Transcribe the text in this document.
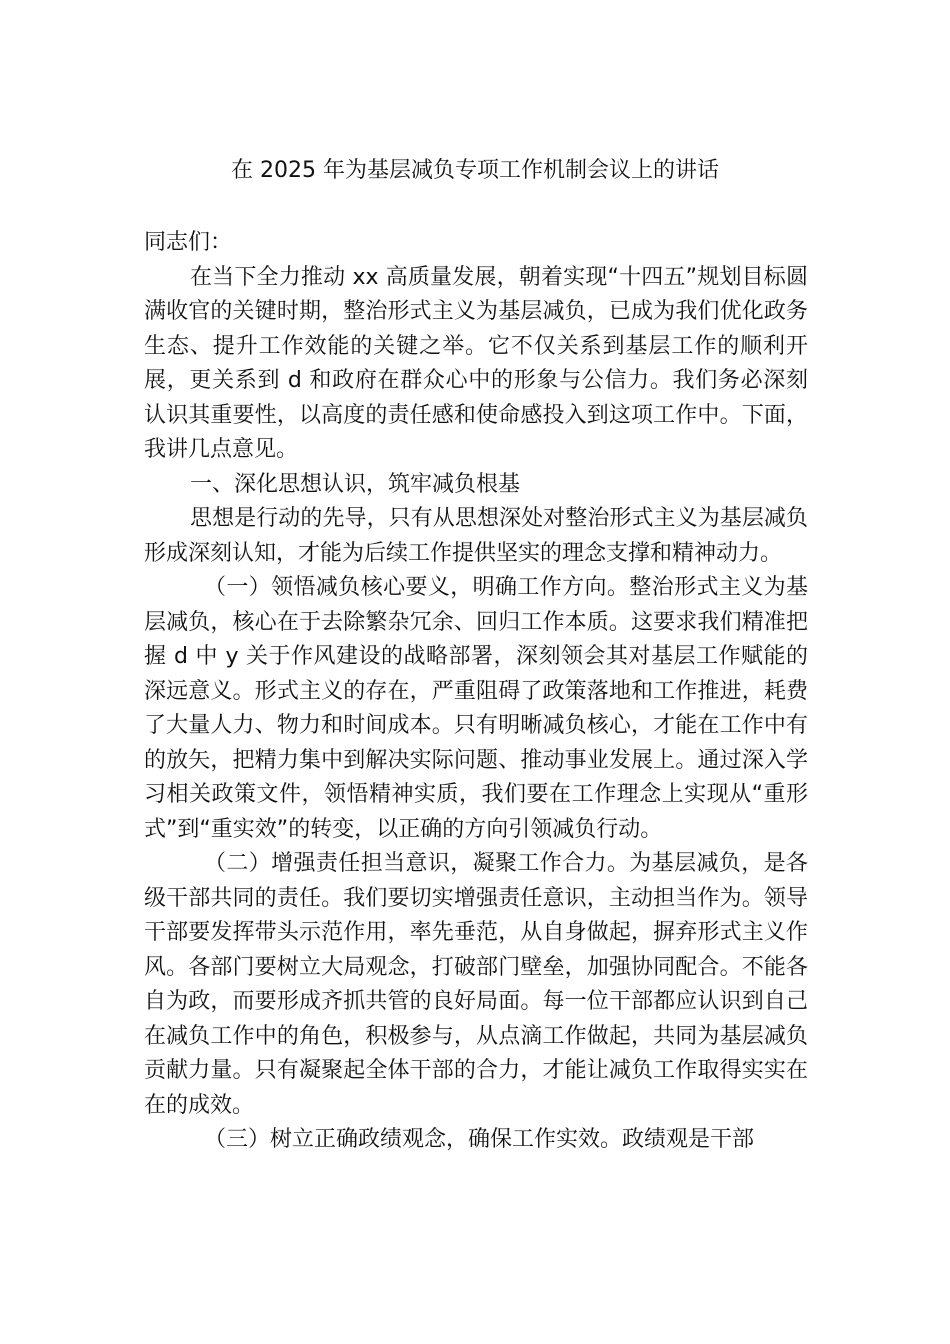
在 2025 年为基层减负专项工作机制会议上的讲话

同志们：

在当下全力推动 xx 高质量发展，朝着实现“十四五”规划目标圆满收官的关键时期，整治形式主义为基层减负，已成为我们优化政务生态、提升工作效能的关键之举。它不仅关系到基层工作的顺利开展，更关系到 d 和政府在群众心中的形象与公信力。我们务必深刻认识其重要性，以高度的责任感和使命感投入到这项工作中。下面，我讲几点意见。

一、深化思想认识，筑牢减负根基

思想是行动的先导，只有从思想深处对整治形式主义为基层减负形成深刻认知，才能为后续工作提供坚实的理念支撑和精神动力。

（一）领悟减负核心要义，明确工作方向。整治形式主义为基层减负，核心在于去除繁杂冗余、回归工作本质。这要求我们精准把握 d 中 y 关于作风建设的战略部署，深刻领会其对基层工作赋能的深远意义。形式主义的存在，严重阻碍了政策落地和工作推进，耗费了大量人力、物力和时间成本。只有明晰减负核心，才能在工作中有的放矢，把精力集中到解决实际问题、推动事业发展上。通过深入学习相关政策文件，领悟精神实质，我们要在工作理念上实现从“重形式”到“重实效”的转变，以正确的方向引领减负行动。

（二）增强责任担当意识，凝聚工作合力。为基层减负，是各级干部共同的责任。我们要切实增强责任意识，主动担当作为。领导干部要发挥带头示范作用，率先垂范，从自身做起，摒弃形式主义作风。各部门要树立大局观念，打破部门壁垒，加强协同配合。不能各自为政，而要形成齐抓共管的良好局面。每一位干部都应认识到自己在减负工作中的角色，积极参与，从点滴工作做起，共同为基层减负贡献力量。只有凝聚起全体干部的合力，才能让减负工作取得实实在在的成效。

（三）树立正确政绩观念，确保工作实效。政绩观是干部
